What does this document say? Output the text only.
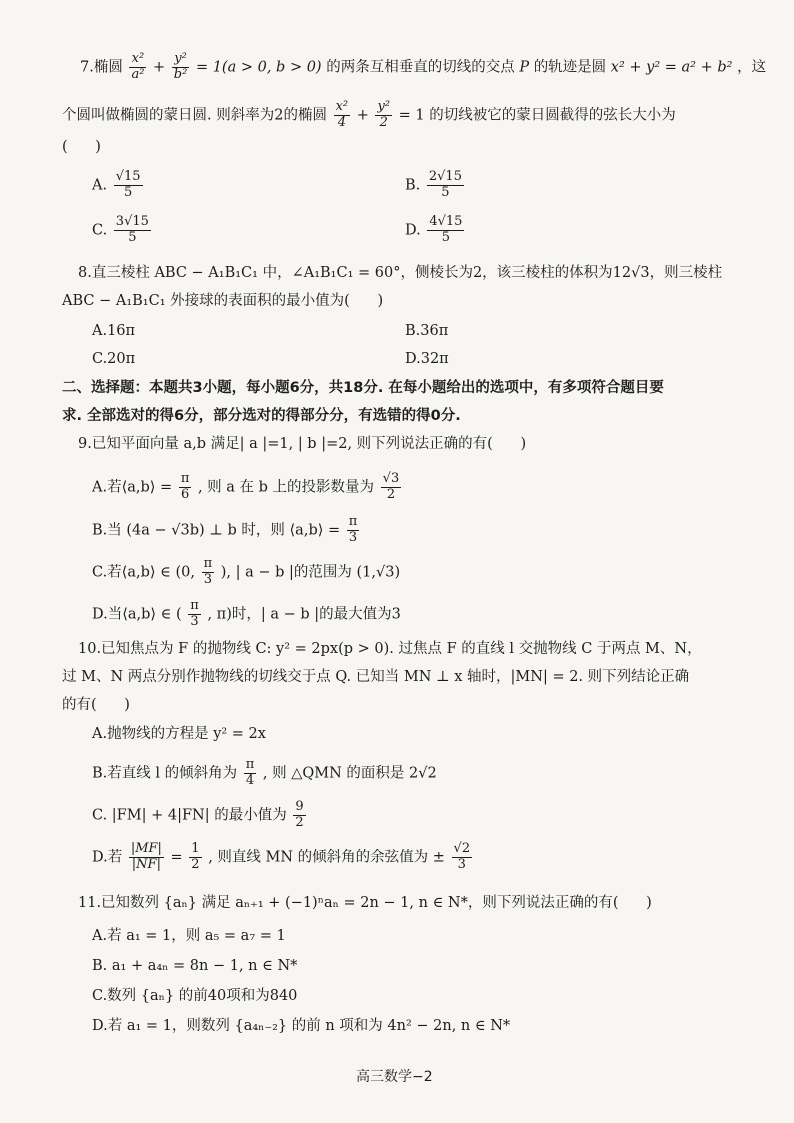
7.椭圆 $\frac{\text{x²}}{\text{a²}} + \frac{\text{y²}}{\text{b²}} = 1(a > 0$, b > 0) 的两条互相垂直的切线的交点 P 的轨迹是圆 x² + y² = a² + b² ，这
个圆叫做椭圆的蒙日圆. 则斜率为2的椭圆 $\frac{\text{x²}}{4} + \frac{\text{y²}}{2} = 1$ 的切线被它的蒙日圆截得的弦长大小为
(      )
A. $\frac{√15}{5}$	B. $\frac{2√15}{5}$
C. $\frac{3√15}{5}$	D. $\frac{4√15}{5}$
8.直三棱柱 ABC − A₁B₁C₁ 中，∠A₁B₁C₁ = 60°，侧棱长为2，该三棱柱的体积为12√3，则三棱柱
ABC − A₁B₁C₁ 外接球的表面积的最小值为(      )
A.16π	B.36π
C.20π	D.32π
二、选择题：本题共3小题，每小题6分，共18分. 在每小题给出的选项中，有多项符合题目要
求. 全部选对的得6分，部分选对的得部分分，有选错的得0分.
9.已知平面向量 a,b 满足| a |=1, | b |=2, 则下列说法正确的有(      )
A.若⟨a,b⟩ = $\frac{\pi}{6}$ , 则 a 在 b 上的投影数量为 $\frac{√3}{2}$
B.当 (4a − √3b) ⊥ b 时，则 ⟨a,b⟩ = $\frac{\pi}{3}$
C.若⟨a,b⟩ ∈ (0, $\frac{\pi}{3}$ ), | a − b |的范围为 (1,√3)
D.当⟨a,b⟩ ∈ ( $\frac{\pi}{3}$ , π)时，| a − b |的最大值为3
10.已知焦点为 F 的抛物线 C: y² = 2px(p > 0). 过焦点 F 的直线 l 交抛物线 C 于两点 M、N，
过 M、N 两点分别作抛物线的切线交于点 Q. 已知当 MN ⊥ x 轴时，|MN| = 2. 则下列结论正确
的有(      )
A.抛物线的方程是 y² = 2x
B.若直线 l 的倾斜角为 $\frac{\pi}{4}$ , 则 △QMN 的面积是 2√2
C. |FM| + 4|FN| 的最小值为 $\frac{9}{2}$
D.若 $\frac{|MF|}{|NF|} = \frac{1}{2}$ , 则直线 MN 的倾斜角的余弦值为 ± $\frac{√2}{3}$
11.已知数列 {aₙ} 满足 aₙ₊₁ + (−1)ⁿaₙ = 2n − 1, n ∈ N*，则下列说法正确的有(      )
A.若 a₁ = 1，则 a₅ = a₇ = 1
B. a₁ + a₄ₙ = 8n − 1, n ∈ N*
C.数列 {aₙ} 的前40项和为840
D.若 a₁ = 1，则数列 {a₄ₙ₋₂} 的前 n 项和为 4n² − 2n, n ∈ N*
高三数学−2
